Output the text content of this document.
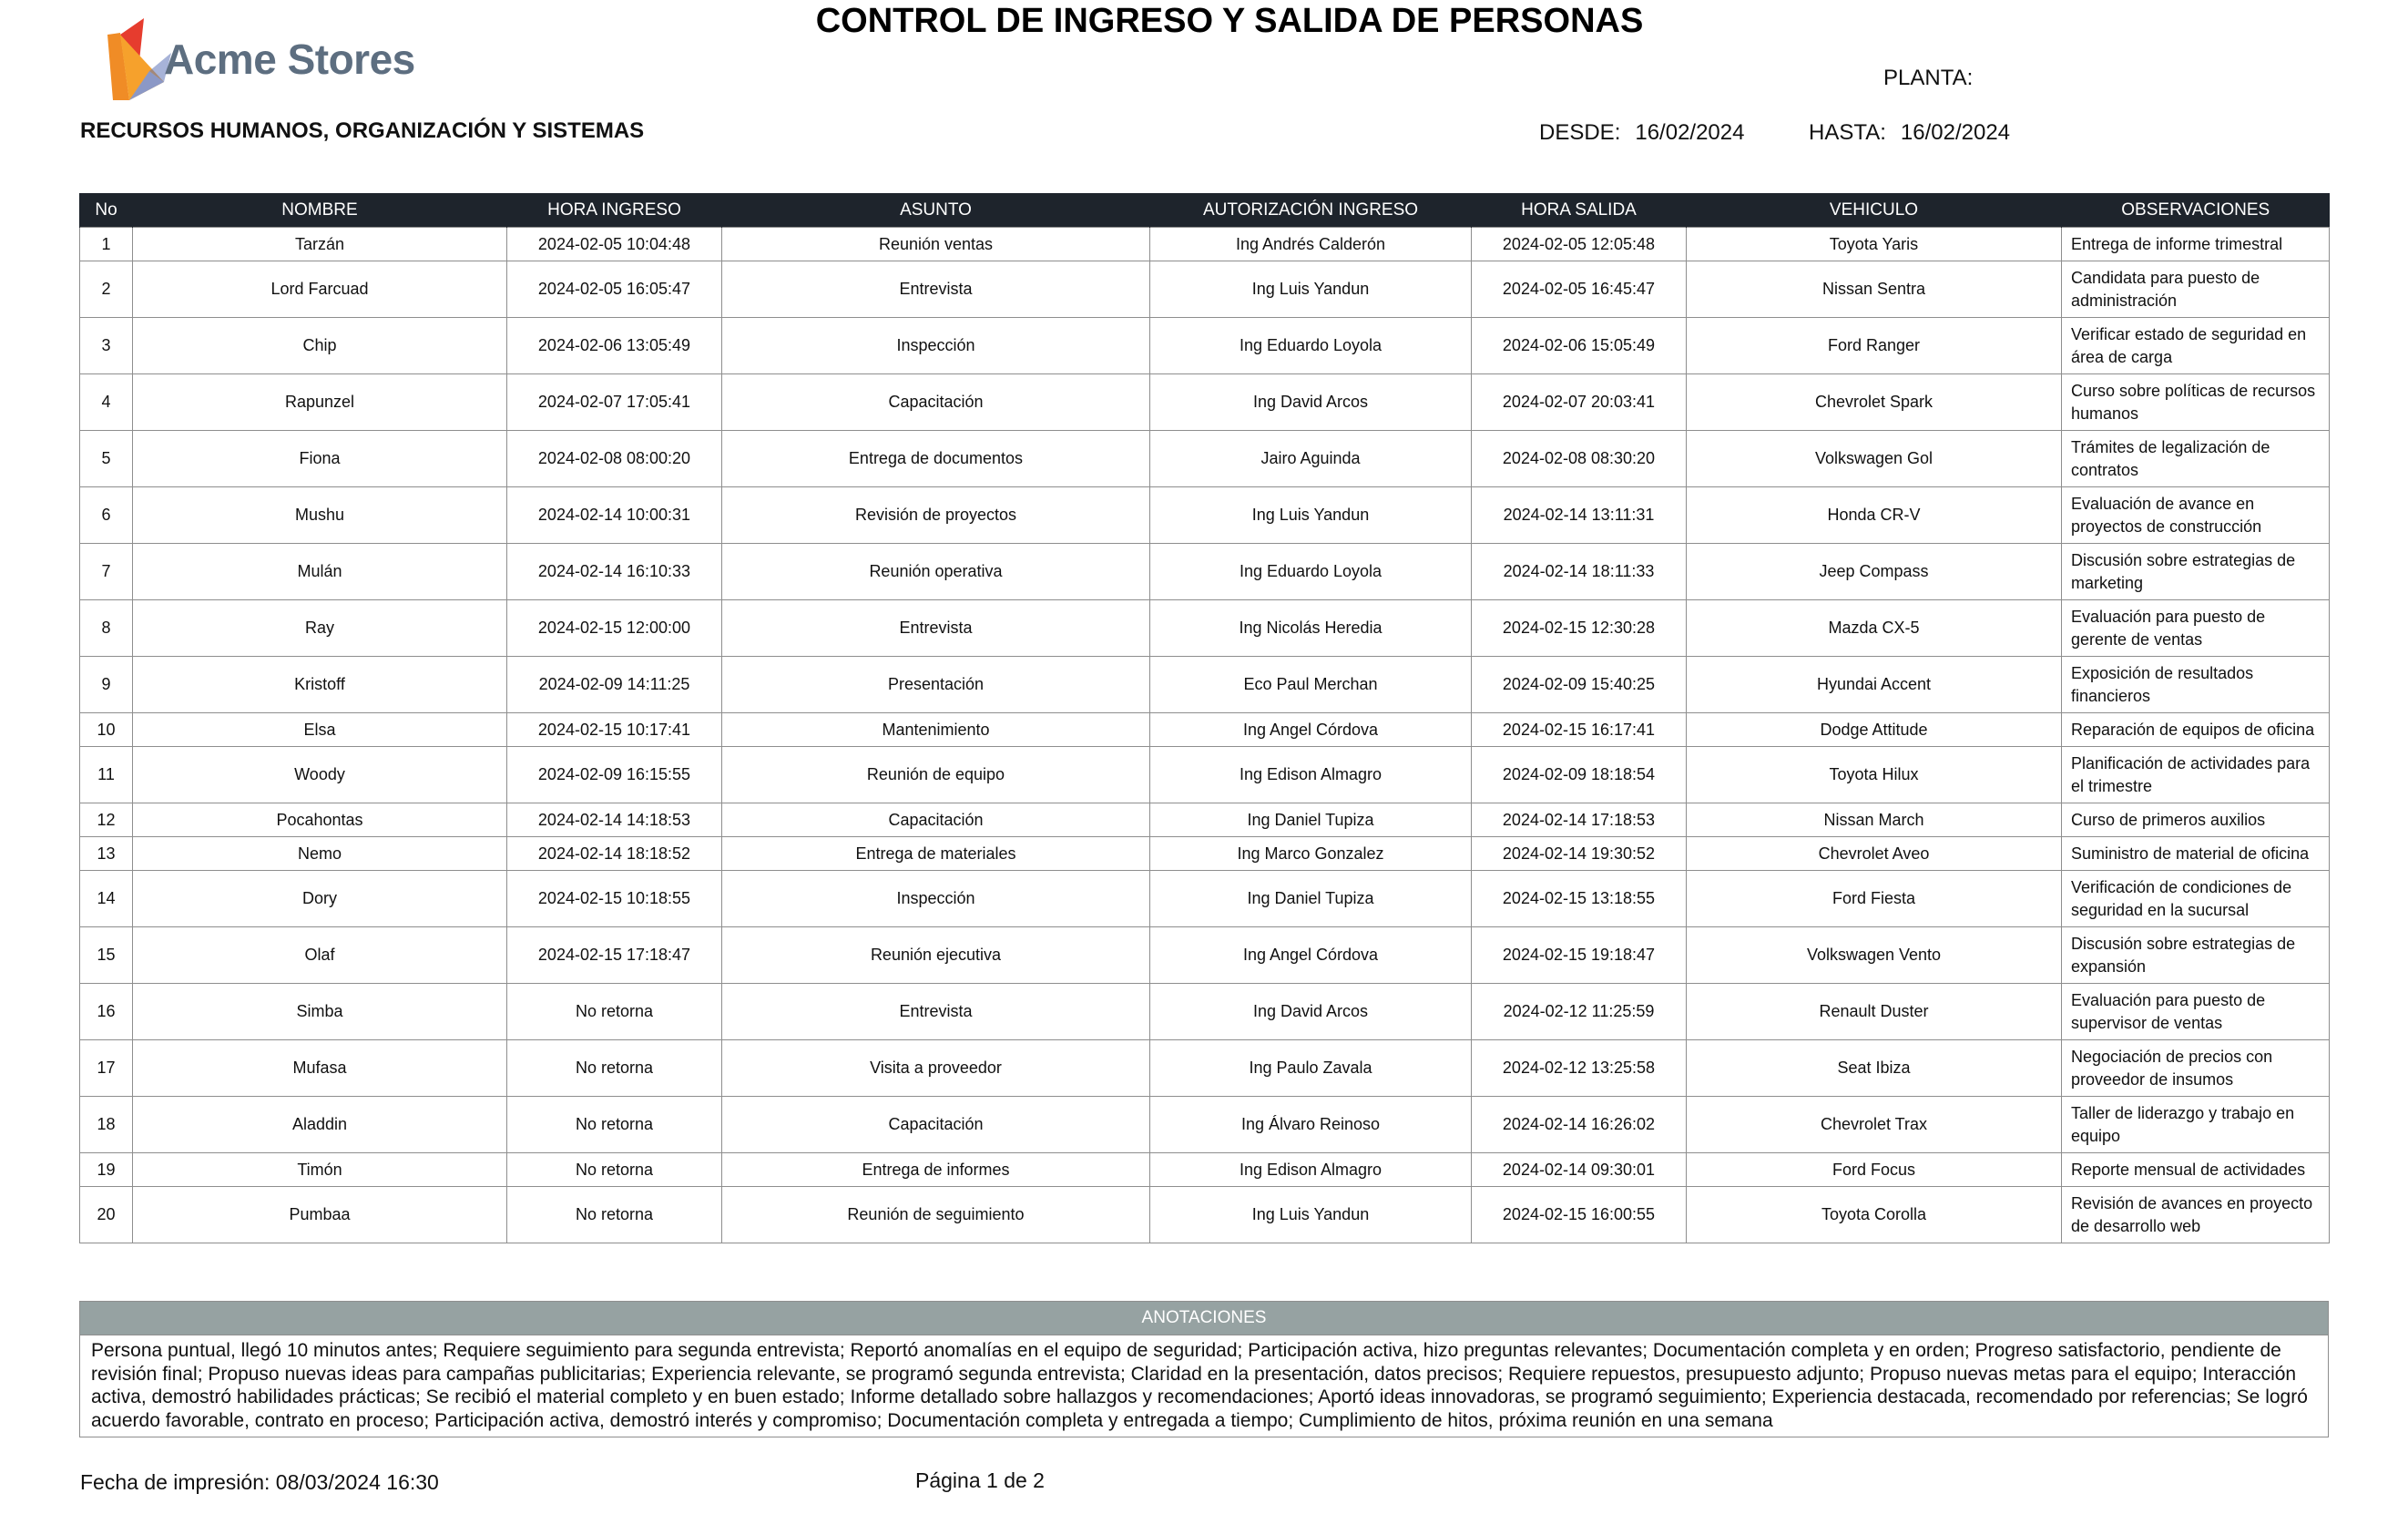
Acme Stores
CONTROL DE INGRESO Y SALIDA DE PERSONAS
PLANTA:
RECURSOS HUMANOS, ORGANIZACIÓN Y SISTEMAS	DESDE: 16/02/2024	HASTA: 16/02/2024
No	NOMBRE	HORA INGRESO	ASUNTO	AUTORIZACIÓN INGRESO	HORA SALIDA	VEHICULO	OBSERVACIONES
1	Tarzán	2024-02-05 10:04:48	Reunión ventas	Ing Andrés Calderón	2024-02-05 12:05:48	Toyota Yaris	Entrega de informe trimestral
2	Lord Farcuad	2024-02-05 16:05:47	Entrevista	Ing Luis Yandun	2024-02-05 16:45:47	Nissan Sentra	Candidata para puesto de administración
3	Chip	2024-02-06 13:05:49	Inspección	Ing Eduardo Loyola	2024-02-06 15:05:49	Ford Ranger	Verificar estado de seguridad en área de carga
4	Rapunzel	2024-02-07 17:05:41	Capacitación	Ing David Arcos	2024-02-07 20:03:41	Chevrolet Spark	Curso sobre políticas de recursos humanos
5	Fiona	2024-02-08 08:00:20	Entrega de documentos	Jairo Aguinda	2024-02-08 08:30:20	Volkswagen Gol	Trámites de legalización de contratos
6	Mushu	2024-02-14 10:00:31	Revisión de proyectos	Ing Luis Yandun	2024-02-14 13:11:31	Honda CR-V	Evaluación de avance en proyectos de construcción
7	Mulán	2024-02-14 16:10:33	Reunión operativa	Ing Eduardo Loyola	2024-02-14 18:11:33	Jeep Compass	Discusión sobre estrategias de marketing
8	Ray	2024-02-15 12:00:00	Entrevista	Ing Nicolás Heredia	2024-02-15 12:30:28	Mazda CX-5	Evaluación para puesto de gerente de ventas
9	Kristoff	2024-02-09 14:11:25	Presentación	Eco Paul Merchan	2024-02-09 15:40:25	Hyundai Accent	Exposición de resultados financieros
10	Elsa	2024-02-15 10:17:41	Mantenimiento	Ing Angel Córdova	2024-02-15 16:17:41	Dodge Attitude	Reparación de equipos de oficina
11	Woody	2024-02-09 16:15:55	Reunión de equipo	Ing Edison Almagro	2024-02-09 18:18:54	Toyota Hilux	Planificación de actividades para el trimestre
12	Pocahontas	2024-02-14 14:18:53	Capacitación	Ing Daniel Tupiza	2024-02-14 17:18:53	Nissan March	Curso de primeros auxilios
13	Nemo	2024-02-14 18:18:52	Entrega de materiales	Ing Marco Gonzalez	2024-02-14 19:30:52	Chevrolet Aveo	Suministro de material de oficina
14	Dory	2024-02-15 10:18:55	Inspección	Ing Daniel Tupiza	2024-02-15 13:18:55	Ford Fiesta	Verificación de condiciones de seguridad en la sucursal
15	Olaf	2024-02-15 17:18:47	Reunión ejecutiva	Ing Angel Córdova	2024-02-15 19:18:47	Volkswagen Vento	Discusión sobre estrategias de expansión
16	Simba	No retorna	Entrevista	Ing David Arcos	2024-02-12 11:25:59	Renault Duster	Evaluación para puesto de supervisor de ventas
17	Mufasa	No retorna	Visita a proveedor	Ing Paulo Zavala	2024-02-12 13:25:58	Seat Ibiza	Negociación de precios con proveedor de insumos
18	Aladdin	No retorna	Capacitación	Ing Álvaro Reinoso	2024-02-14 16:26:02	Chevrolet Trax	Taller de liderazgo y trabajo en equipo
19	Timón	No retorna	Entrega de informes	Ing Edison Almagro	2024-02-14 09:30:01	Ford Focus	Reporte mensual de actividades
20	Pumbaa	No retorna	Reunión de seguimiento	Ing Luis Yandun	2024-02-15 16:00:55	Toyota Corolla	Revisión de avances en proyecto de desarrollo web
ANOTACIONES
Persona puntual, llegó 10 minutos antes; Requiere seguimiento para segunda entrevista; Reportó anomalías en el equipo de seguridad; Participación activa, hizo preguntas relevantes; Documentación completa y en orden; Progreso satisfactorio, pendiente de revisión final; Propuso nuevas ideas para campañas publicitarias; Experiencia relevante, se programó segunda entrevista; Claridad en la presentación, datos precisos; Requiere repuestos, presupuesto adjunto; Propuso nuevas metas para el equipo; Interacción activa, demostró habilidades prácticas; Se recibió el material completo y en buen estado; Informe detallado sobre hallazgos y recomendaciones; Aportó ideas innovadoras, se programó seguimiento; Experiencia destacada, recomendado por referencias; Se logró acuerdo favorable, contrato en proceso; Participación activa, demostró interés y compromiso; Documentación completa y entregada a tiempo; Cumplimiento de hitos, próxima reunión en una semana
Fecha de impresión: 08/03/2024 16:30	Página 1 de 2
